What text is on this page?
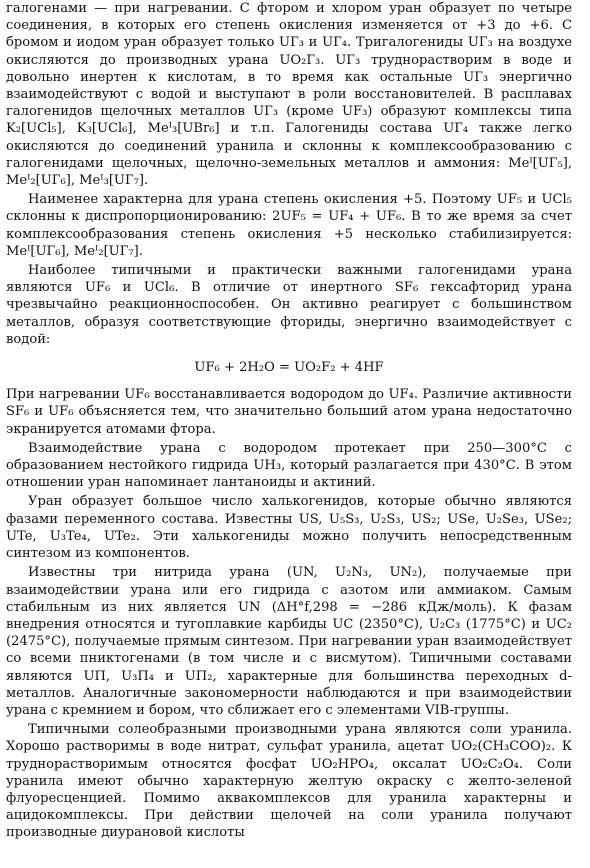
галогенами — при нагревании. С фтором и хлором уран образует по четыре соединения, в которых его степень окисления изменяется от +3 до +6. С бромом и иодом уран образует только UГ₃ и UГ₄. Тригалогениды UГ₃ на воздухе окисляются до производных урана UO₂Г₃. UГ₃ труднорастворим в воде и довольно инертен к кислотам, в то время как остальные UГ₃ энергично взаимодействуют с водой и выступают в роли восстановителей. В расплавах галогенидов щелочных металлов UГ₃ (кроме UF₃) образуют комплексы типа K₂[UCl₅], K₃[UCl₆], Meᴵ₃[UBr₆] и т.п. Галогениды состава UГ₄ также легко окисляются до соединений уранила и склонны к комплексообразованию с галогенидами щелочных, щелочно-земельных металлов и аммония: Meᴵ[UГ₅], Meᴵ₂[UГ₆], Meᴵ₃[UГ₇].

Наименее характерна для урана степень окисления +5. Поэтому UF₅ и UCl₅ склонны к диспропорционированию: 2UF₅ = UF₄ + UF₆. В то же время за счет комплексообразования степень окисления +5 несколько стабилизируется: Meᴵ[UГ₆], Meᴵ₂[UГ₇].

Наиболее типичными и практически важными галогенидами урана являются UF₆ и UCl₆. В отличие от инертного SF₆ гексафторид урана чрезвычайно реакционноспособен. Он активно реагирует с большинством металлов, образуя соответствующие фториды, энергично взаимодействует с водой:

UF₆ + 2H₂O = UO₂F₂ + 4HF

При нагревании UF₆ восстанавливается водородом до UF₄. Различие активности SF₆ и UF₆ объясняется тем, что значительно больший атом урана недостаточно экранируется атомами фтора.

Взаимодействие урана с водородом протекает при 250—300°С с образованием нестойкого гидрида UH₃, который разлагается при 430°С. В этом отношении уран напоминает лантаноиды и актиний.

Уран образует большое число халькогенидов, которые обычно являются фазами переменного состава. Известны US, U₅S₃, U₂S₃, US₂; USe, U₂Se₃, USe₂; UTe, U₃Te₄, UTe₂. Эти халькогениды можно получить непосредственным синтезом из компонентов.

Известны три нитрида урана (UN, U₂N₃, UN₂), получаемые при взаимодействии урана или его гидрида с азотом или аммиаком. Самым стабильным из них является UN (ΔH°f,298 = −286 кДж/моль). К фазам внедрения относятся и тугоплавкие карбиды UC (2350°С), U₂C₃ (1775°С) и UC₂ (2475°С), получаемые прямым синтезом. При нагревании уран взаимодействует со всеми пниктогенами (в том числе и с висмутом). Типичными составами являются UП, U₃П₄ и UП₂, характерные для большинства переходных d-металлов. Аналогичные закономерности наблюдаются и при взаимодействии урана с кремнием и бором, что сближает его с элементами VIB-группы.

Типичными солеобразными производными урана являются соли уранила. Хорошо растворимы в воде нитрат, сульфат уранила, ацетат UO₂(CH₃COO)₂. К труднорастворимым относятся фосфат UO₂HPO₄, оксалат UO₂C₂O₄. Соли уранила имеют обычно характерную желтую окраску с желто-зеленой флуоресценцией. Помимо аквакомплексов для уранила характерны и ацидокомплексы. При действии щелочей на соли уранила получают производные диурановой кислоты
